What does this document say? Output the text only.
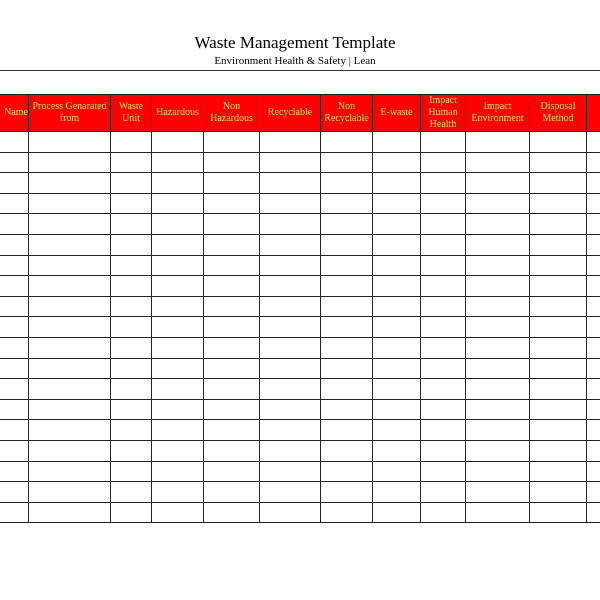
Waste Management Template
Environment Health & Safety | Lean
Name	Process Genarated from	Waste Unit	Hazardous	Non Hazardous	Recyclable	Non Recyclable	E-waste	Impact Human Health	Impact Environment	Disposal Method	
